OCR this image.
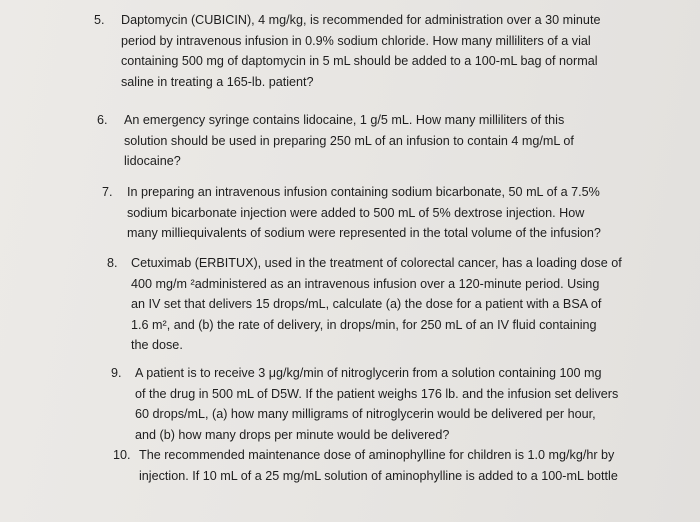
5. Daptomycin (CUBICIN), 4 mg/kg, is recommended for administration over a 30 minute
period by intravenous infusion in 0.9% sodium chloride. How many milliliters of a vial
containing 500 mg of daptomycin in 5 mL should be added to a 100-mL bag of normal
saline in treating a 165-lb. patient?
6. An emergency syringe contains lidocaine, 1 g/5 mL. How many milliliters of this
solution should be used in preparing 250 mL of an infusion to contain 4 mg/mL of
lidocaine?
7. In preparing an intravenous infusion containing sodium bicarbonate, 50 mL of a 7.5%
sodium bicarbonate injection were added to 500 mL of 5% dextrose injection. How
many milliequivalents of sodium were represented in the total volume of the infusion?
8. Cetuximab (ERBITUX), used in the treatment of colorectal cancer, has a loading dose of
400 mg/m ²administered as an intravenous infusion over a 120-minute period. Using
an IV set that delivers 15 drops/mL, calculate (a) the dose for a patient with a BSA of
1.6 m², and (b) the rate of delivery, in drops/min, for 250 mL of an IV fluid containing
the dose.
9. A patient is to receive 3 μg/kg/min of nitroglycerin from a solution containing 100 mg
of the drug in 500 mL of D5W. If the patient weighs 176 lb. and the infusion set delivers
60 drops/mL, (a) how many milligrams of nitroglycerin would be delivered per hour,
and (b) how many drops per minute would be delivered?
10. The recommended maintenance dose of aminophylline for children is 1.0 mg/kg/hr by
injection. If 10 mL of a 25 mg/mL solution of aminophylline is added to a 100-mL bottle
